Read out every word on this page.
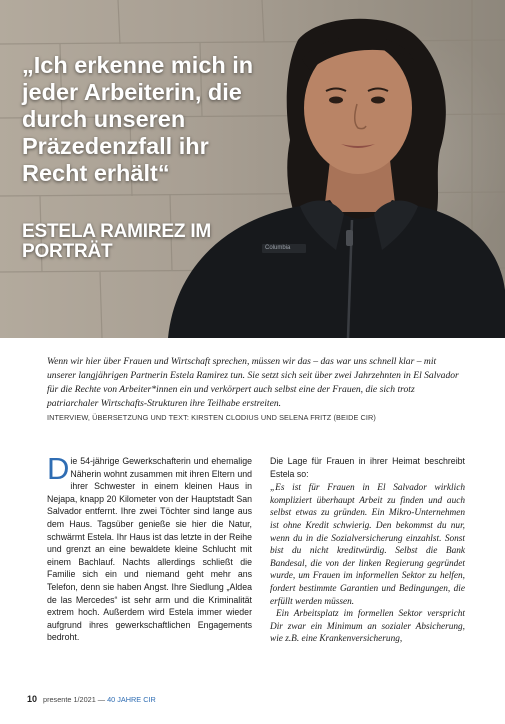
Columbia
„Ich erkenne mich in jeder Arbeiterin, die durch unseren Präzedenzfall ihr Recht erhält“
ESTELA RAMIREZ IM PORTRÄT

Wenn wir hier über Frauen und Wirtschaft sprechen, müssen wir das – das war uns schnell klar – mit unserer langjährigen Partnerin Estela Ramirez tun. Sie setzt sich seit über zwei Jahrzehnten in El Salvador für die Rechte von Arbeiter*innen ein und verkörpert auch selbst eine der Frauen, die sich trotz patriarchaler Wirtschafts-Strukturen ihre Teilhabe erstreiten.

INTERVIEW, ÜBERSETZUNG UND TEXT: KIRSTEN CLODIUS UND SELENA FRITZ (BEIDE CIR)

Die 54-jährige Gewerkschafterin und ehemalige Näherin wohnt zusammen mit ihren Eltern und ihrer Schwester in einem kleinen Haus in Nejapa, knapp 20 Kilometer von der Hauptstadt San Salvador entfernt. Ihre zwei Töchter sind lange aus dem Haus. Tagsüber genieße sie hier die Natur, schwärmt Estela. Ihr Haus ist das letzte in der Reihe und grenzt an eine bewaldete kleine Schlucht mit einem Bachlauf. Nachts allerdings schließt die Familie sich ein und niemand geht mehr ans Telefon, denn sie haben Angst. Ihre Siedlung „Aldea de las Mercedes“ ist sehr arm und die Kriminalität extrem hoch. Außerdem wird Estela immer wieder aufgrund ihres gewerkschaftlichen Engagements bedroht.

Die Lage für Frauen in ihrer Heimat beschreibt Estela so:

„Es ist für Frauen in El Salvador wirklich kompliziert überhaupt Arbeit zu finden und auch selbst etwas zu gründen. Ein Mikro-Unternehmen ist ohne Kredit schwierig. Den bekommst du nur, wenn du in die Sozialversicherung einzahlst. Sonst bist du nicht kreditwürdig. Selbst die Bank Bandesal, die von der linken Regierung gegründet wurde, um Frauen im informellen Sektor zu helfen, fordert bestimmte Garantien und Bedingungen, die erfüllt werden müssen.

Ein Arbeitsplatz im formellen Sektor verspricht Dir zwar ein Minimum an sozialer Absicherung, wie z.B. eine Krankenversicherung,

10 presente 1/2021 — 40 JAHRE CIR
